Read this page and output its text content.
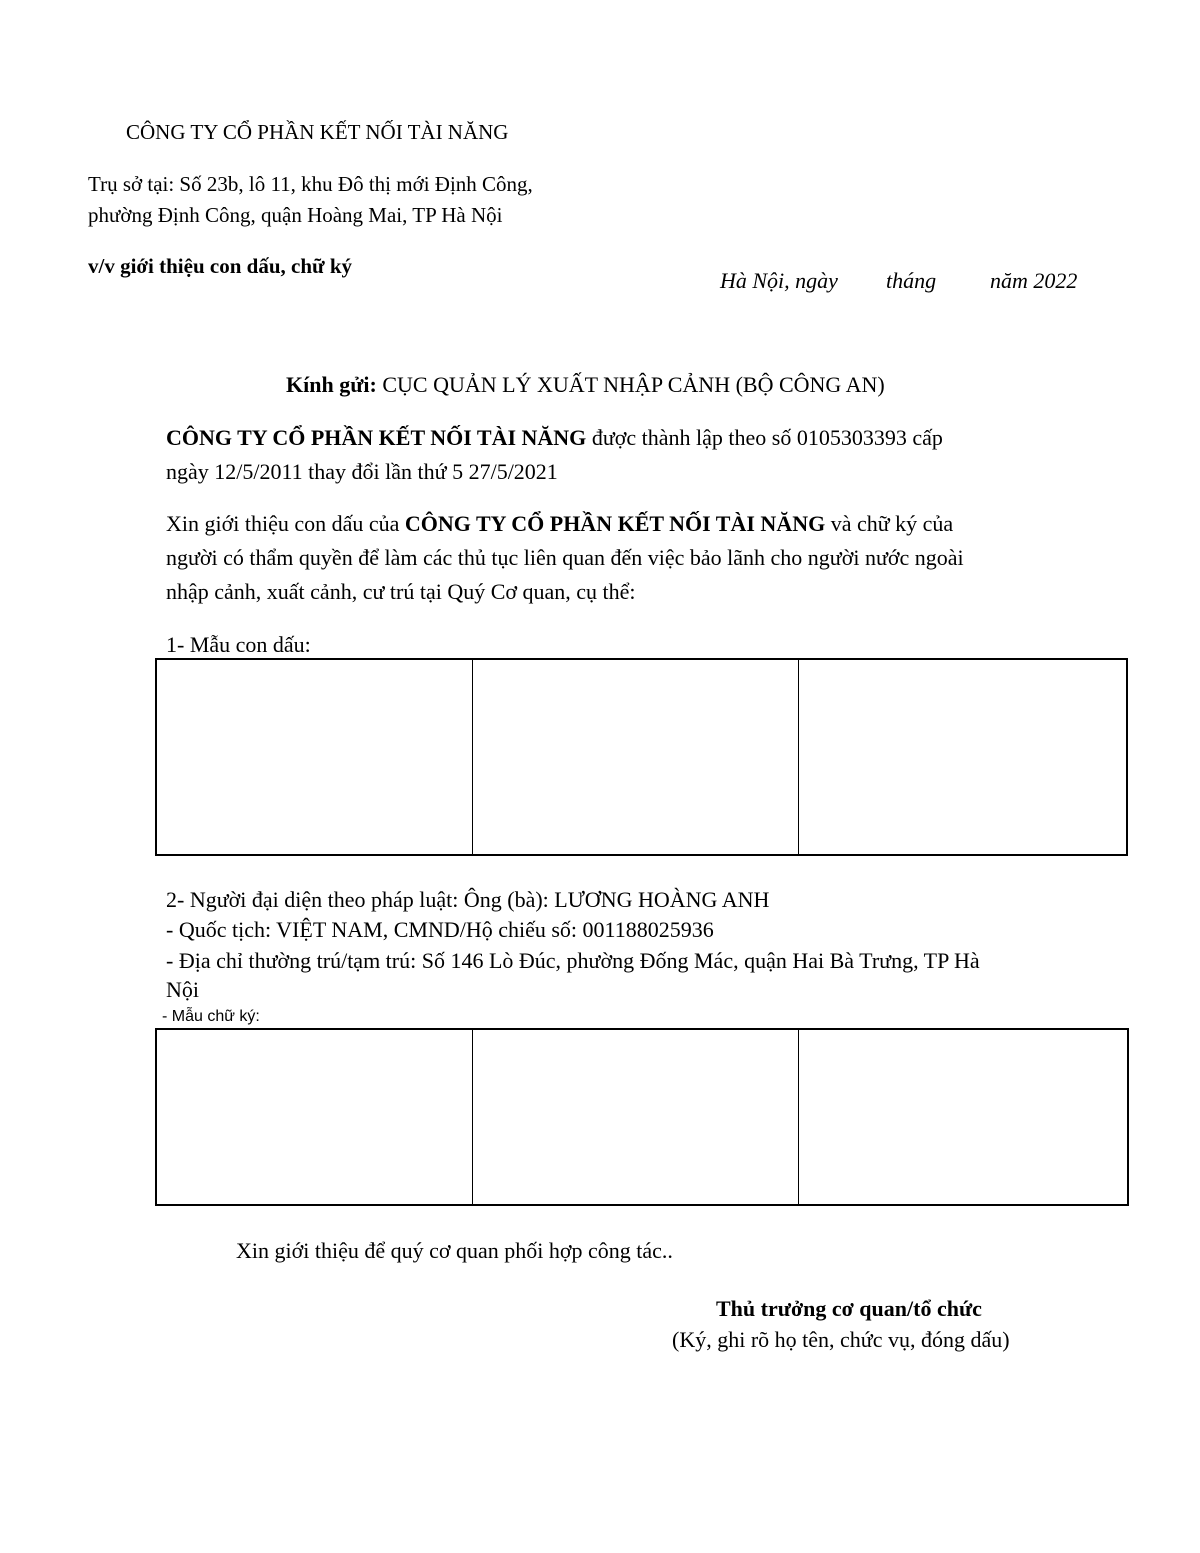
CÔNG TY CỔ PHẦN KẾT NỐI TÀI NĂNG
Trụ sở tại: Số 23b, lô 11, khu Đô thị mới Định Công,
phường Định Công, quận Hoàng Mai, TP Hà Nội
v/v giới thiệu con dấu, chữ ký
Hà Nội, ngày tháng năm 2022
Kính gửi: CỤC QUẢN LÝ XUẤT NHẬP CẢNH (BỘ CÔNG AN)
CÔNG TY CỔ PHẦN KẾT NỐI TÀI NĂNG được thành lập theo số 0105303393 cấp
ngày 12/5/2011 thay đổi lần thứ 5 27/5/2021
Xin giới thiệu con dấu của CÔNG TY CỔ PHẦN KẾT NỐI TÀI NĂNG và chữ ký của
người có thẩm quyền để làm các thủ tục liên quan đến việc bảo lãnh cho người nước ngoài
nhập cảnh, xuất cảnh, cư trú tại Quý Cơ quan, cụ thể:
1- Mẫu con dấu:
2- Người đại diện theo pháp luật: Ông (bà): LƯƠNG HOÀNG ANH
- Quốc tịch: VIỆT NAM, CMND/Hộ chiếu số: 001188025936
- Địa chỉ thường trú/tạm trú: Số 146 Lò Đúc, phường Đống Mác, quận Hai Bà Trưng, TP Hà
Nội
- Mẫu chữ ký:
Xin giới thiệu để quý cơ quan phối hợp công tác..
Thủ trưởng cơ quan/tổ chức
(Ký, ghi rõ họ tên, chức vụ, đóng dấu)
